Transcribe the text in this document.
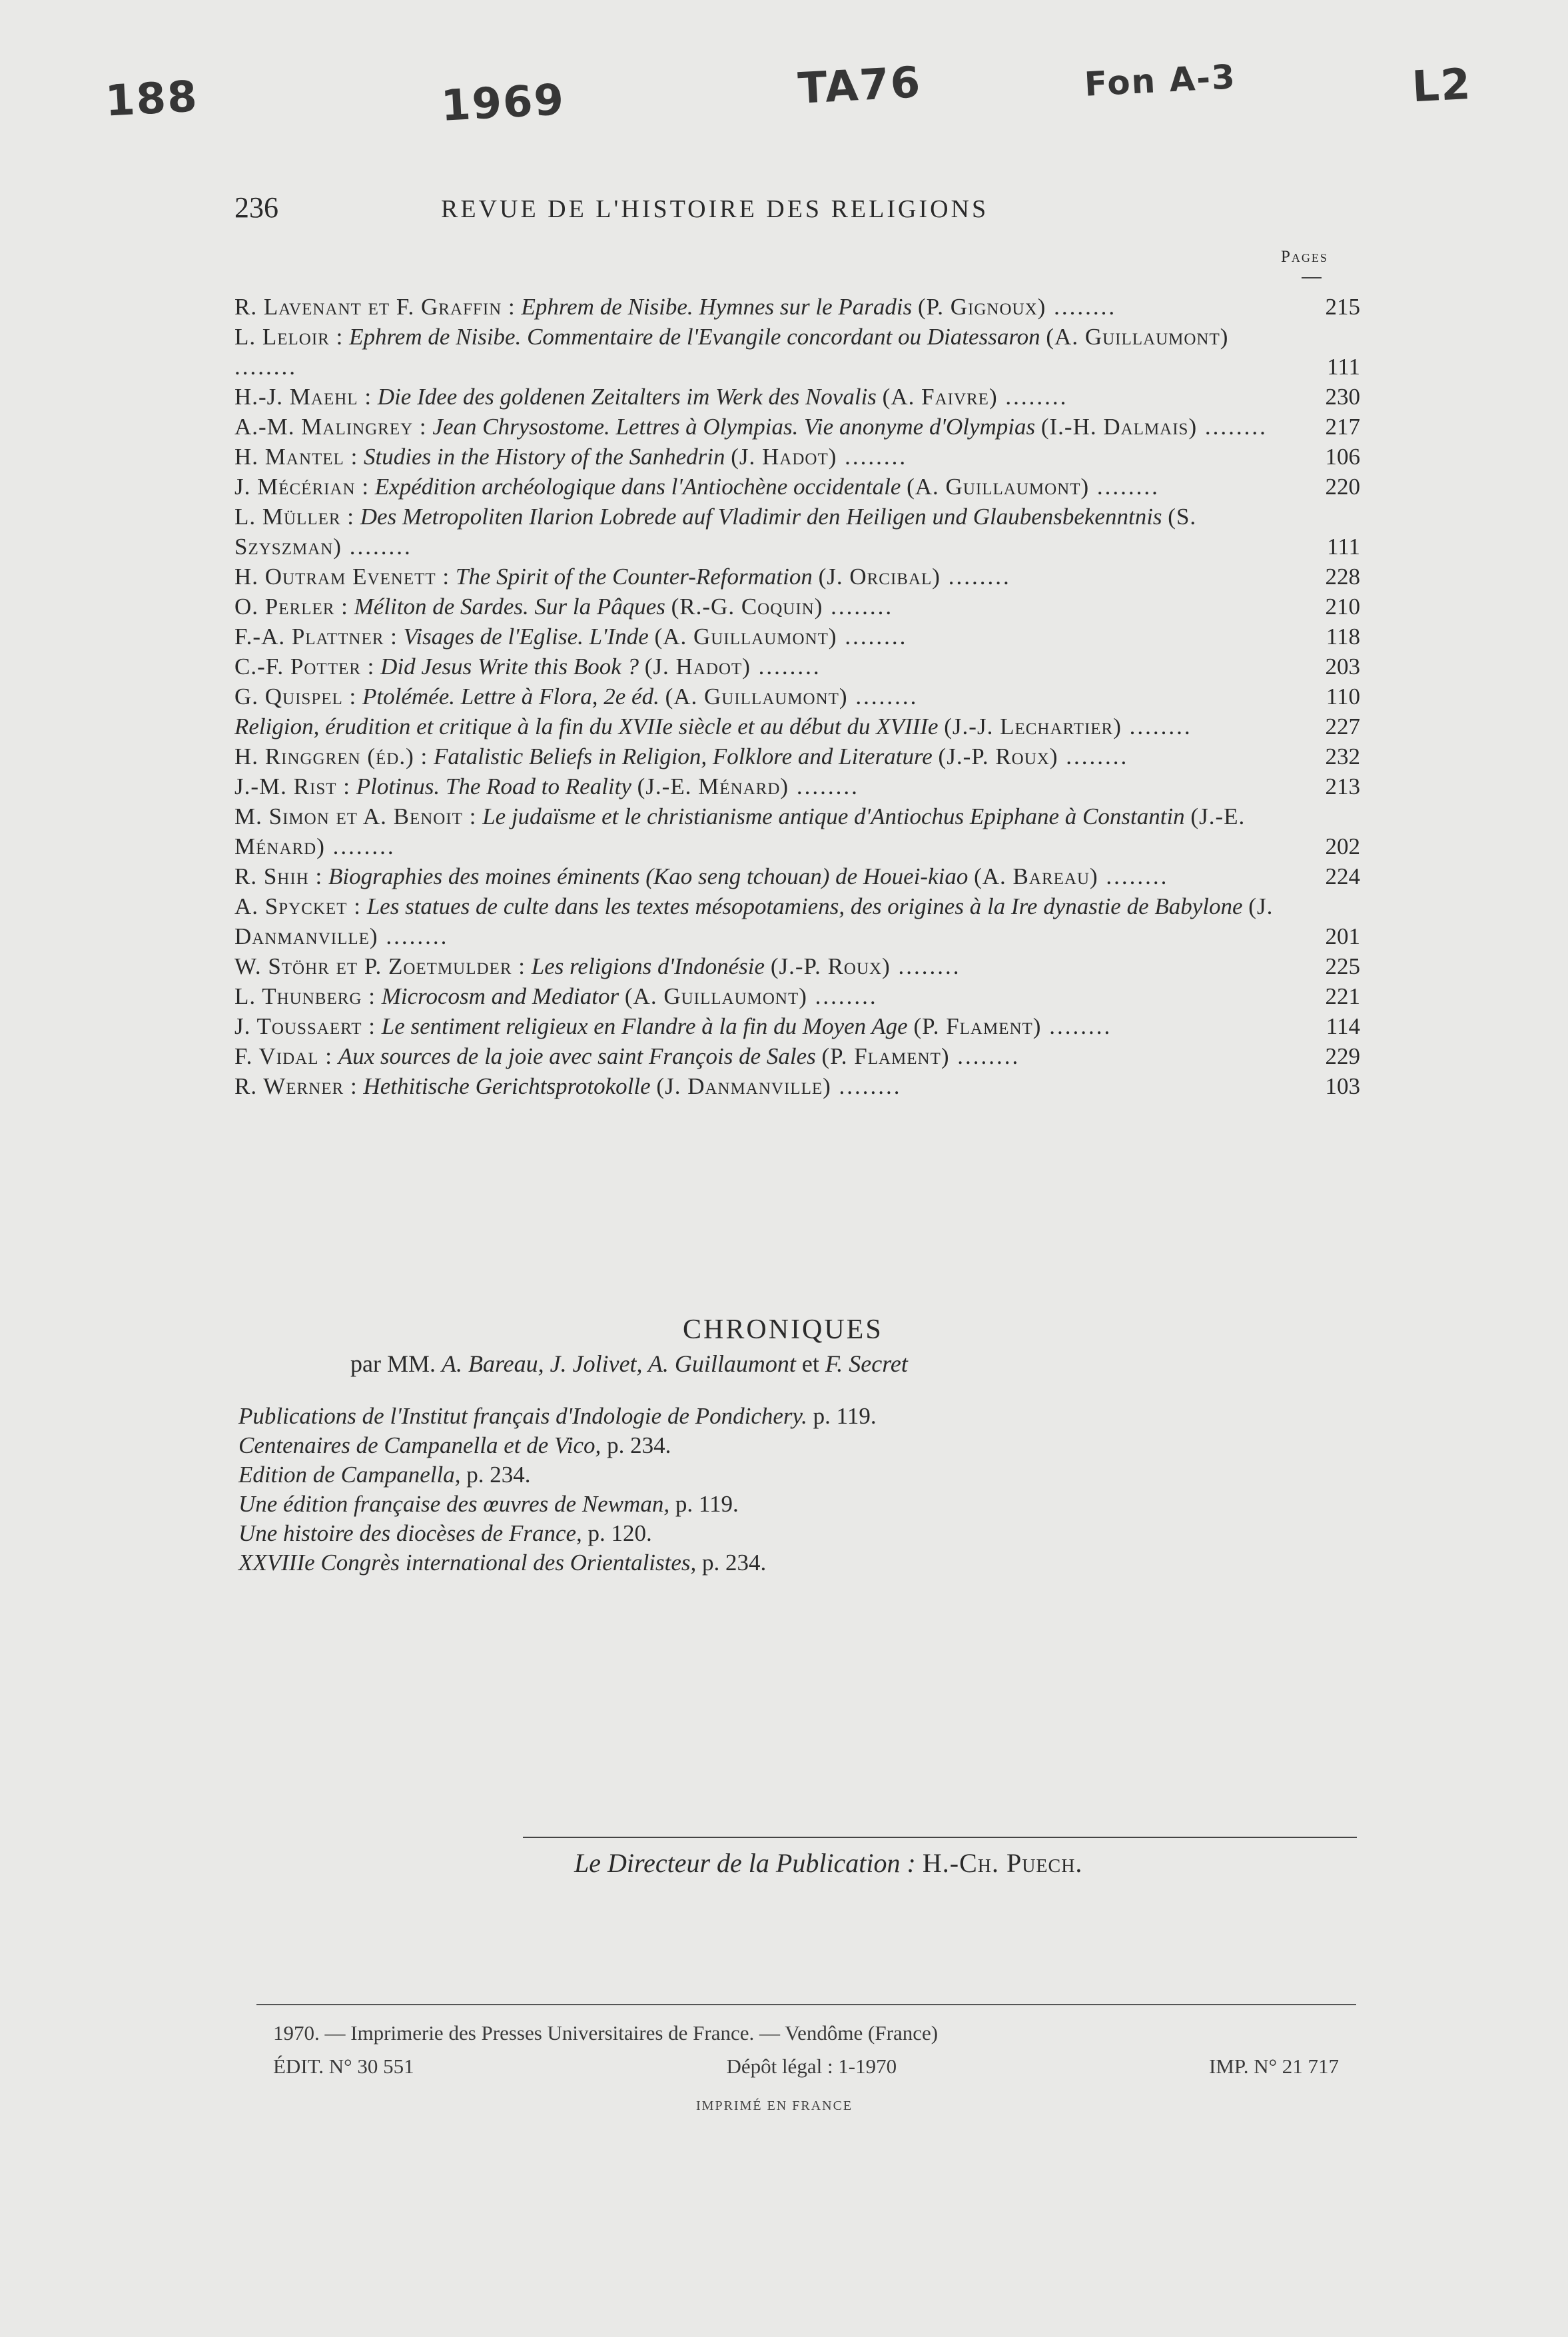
188	1969	TA76	Fon A-3	L2
236	REVUE DE L'HISTOIRE DES RELIGIONS
Pages
R. Lavenant et F. Graffin : Ephrem de Nisibe. Hymnes sur le Paradis (P. Gignoux) ........	215
L. Leloir : Ephrem de Nisibe. Commentaire de l'Evangile concordant ou Diatessaron (A. Guillaumont) ........	111
H.-J. Maehl : Die Idee des goldenen Zeitalters im Werk des Novalis (A. Faivre) ........	230
A.-M. Malingrey : Jean Chrysostome. Lettres à Olympias. Vie anonyme d'Olympias (I.-H. Dalmais) ........	217
H. Mantel : Studies in the History of the Sanhedrin (J. Hadot) ........	106
J. Mécérian : Expédition archéologique dans l'Antiochène occidentale (A. Guillaumont) ........	220
L. Müller : Des Metropoliten Ilarion Lobrede auf Vladimir den Heiligen und Glaubensbekenntnis (S. Szyszman) ........	111
H. Outram Evenett : The Spirit of the Counter-Reformation (J. Orcibal) ........	228
O. Perler : Méliton de Sardes. Sur la Pâques (R.-G. Coquin) ........	210
F.-A. Plattner : Visages de l'Eglise. L'Inde (A. Guillaumont) ........	118
C.-F. Potter : Did Jesus Write this Book ? (J. Hadot) ........	203
G. Quispel : Ptolémée. Lettre à Flora, 2e éd. (A. Guillaumont) ........	110
Religion, érudition et critique à la fin du XVIIe siècle et au début du XVIIIe (J.-J. Lechartier) ........	227
H. Ringgren (éd.) : Fatalistic Beliefs in Religion, Folklore and Literature (J.-P. Roux) ........	232
J.-M. Rist : Plotinus. The Road to Reality (J.-E. Ménard) ........	213
M. Simon et A. Benoit : Le judaïsme et le christianisme antique d'Antiochus Epiphane à Constantin (J.-E. Ménard) ........	202
R. Shih : Biographies des moines éminents (Kao seng tchouan) de Houei-kiao (A. Bareau) ........	224
A. Spycket : Les statues de culte dans les textes mésopotamiens, des origines à la Ire dynastie de Babylone (J. Danmanville) ........	201
W. Stöhr et P. Zoetmulder : Les religions d'Indonésie (J.-P. Roux) ........	225
L. Thunberg : Microcosm and Mediator (A. Guillaumont) ........	221
J. Toussaert : Le sentiment religieux en Flandre à la fin du Moyen Age (P. Flament) ........	114
F. Vidal : Aux sources de la joie avec saint François de Sales (P. Flament) ........	229
R. Werner : Hethitische Gerichtsprotokolle (J. Danmanville) ........	103
CHRONIQUES
par MM. A. Bareau, J. Jolivet, A. Guillaumont et F. Secret
Publications de l'Institut français d'Indologie de Pondichery. p. 119.
Centenaires de Campanella et de Vico, p. 234.
Edition de Campanella, p. 234.
Une édition française des œuvres de Newman, p. 119.
Une histoire des diocèses de France, p. 120.
XXVIIIe Congrès international des Orientalistes, p. 234.
Le Directeur de la Publication : H.-Ch. Puech.
1970. — Imprimerie des Presses Universitaires de France. — Vendôme (France)
ÉDIT. N° 30 551	Dépôt légal : 1-1970	IMP. N° 21 717
IMPRIMÉ EN FRANCE
